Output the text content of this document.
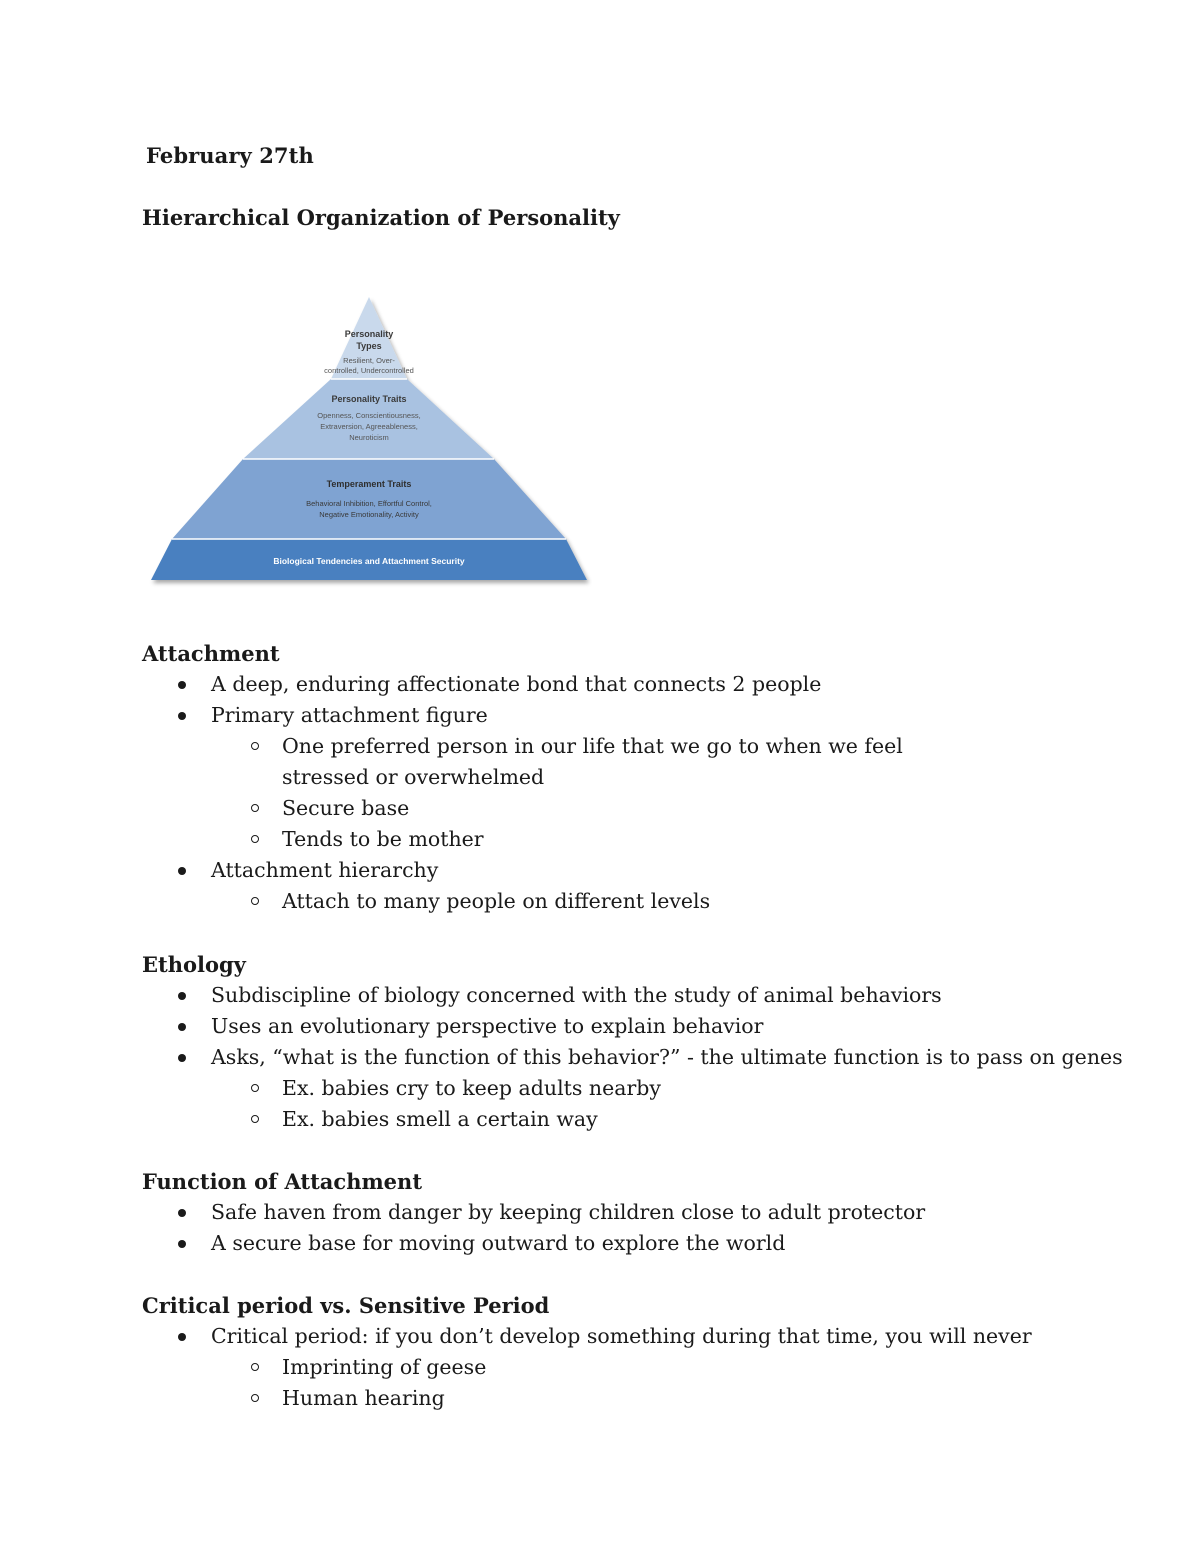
February 27th
Hierarchical Organization of Personality
Personality
Types
Resilient, Over-
controlled, Undercontrolled
Personality Traits
Openness, Conscientiousness,
Extraversion, Agreeableness,
Neuroticism
Temperament Traits
Behavioral Inhibition, Effortful Control,
Negative Emotionality, Activity
Biological Tendencies and Attachment Security
Attachment
A deep, enduring affectionate bond that connects 2 people
Primary attachment figure
One preferred person in our life that we go to when we feel stressed or overwhelmed
Secure base
Tends to be mother
Attachment hierarchy
Attach to many people on different levels
Ethology
Subdiscipline of biology concerned with the study of animal behaviors
Uses an evolutionary perspective to explain behavior
Asks, “what is the function of this behavior?” - the ultimate function is to pass on genes
Ex. babies cry to keep adults nearby
Ex. babies smell a certain way
Function of Attachment
Safe haven from danger by keeping children close to adult protector
A secure base for moving outward to explore the world
Critical period vs. Sensitive Period
Critical period: if you don’t develop something during that time, you will never
Imprinting of geese
Human hearing
